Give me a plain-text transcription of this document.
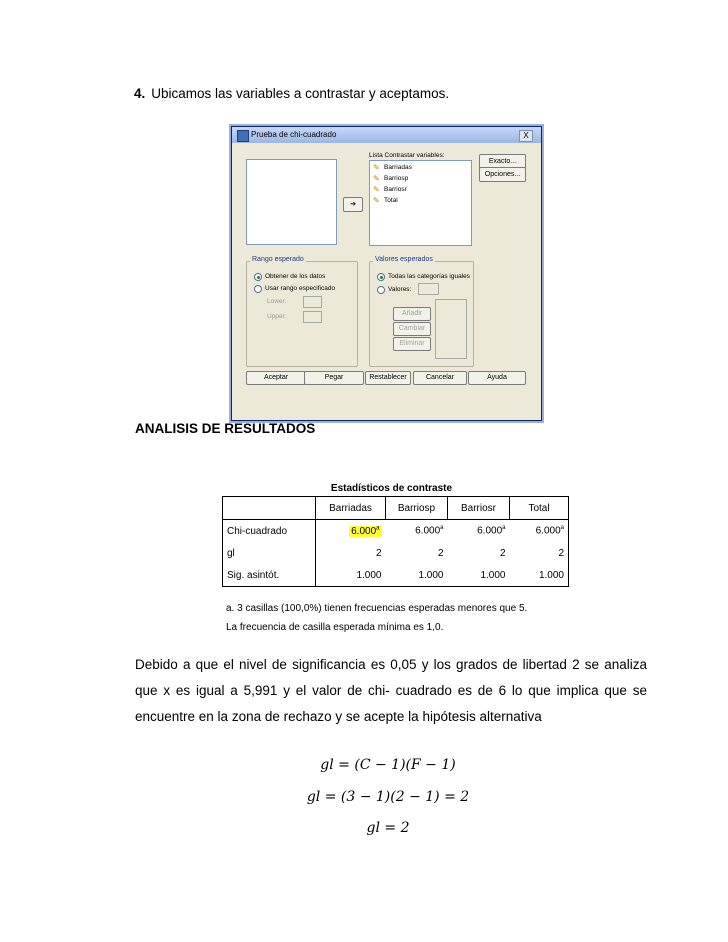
4. Ubicamos las variables a contrastar y aceptamos.
Prueba de chi-cuadrado	X
➔
Lista Contrastar variables:
✎ Barriadas
✎ Barriosp
✎ Barriosr
✎ Total
Exacto...
Opciones...
Rango esperado
Obtener de los datos
Usar rango especificado
Lower:
Upper:
Valores esperados
Todas las categorías iguales
Valores:
Añadir
Cambiar
Eliminar
Aceptar	Pegar	Restablecer	Cancelar	Ayuda
ANALISIS DE RESULTADOS
Estadísticos de contraste
	Barriadas	Barriosp	Barriosr	Total
Chi-cuadrado	6.000$^a$	6.000$^a$	6.000$^a$	6.000$^a$
gl	2	2	2	2
Sig. asintót.	1.000	1.000	1.000	1.000
a. 3 casillas (100,0%) tienen frecuencias esperadas menores que 5.
La frecuencia de casilla esperada mínima es 1,0.
Debido a que el nivel de significancia es 0,05 y los grados de libertad 2 se analiza que x es igual a 5,991 y el valor de chi- cuadrado es de 6 lo que implica que se encuentre en la zona de rechazo y se acepte la hipótesis alternativa
gl = (C − 1)(F − 1)
gl = (3 − 1)(2 − 1) = 2
gl = 2
